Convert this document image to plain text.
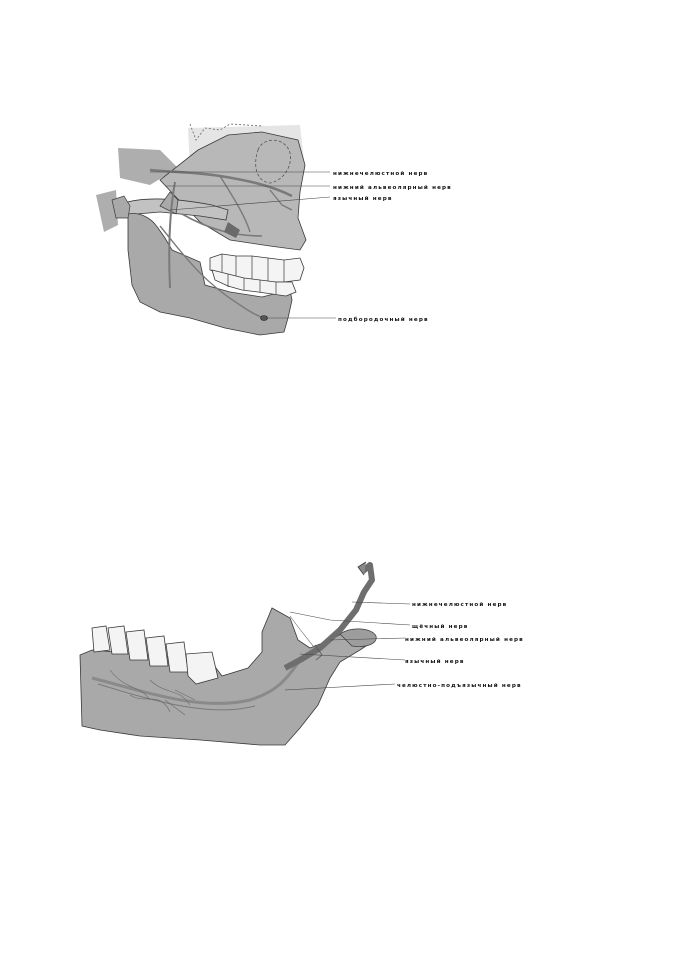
нижнечелюстной нерв
нижний альвеолярный нерв
язычный нерв
подбородочный нерв
нижнечелюстной нерв
щёчный нерв
нижний альвеолярный нерв
язычный нерв
челюстно-подъязычный нерв
